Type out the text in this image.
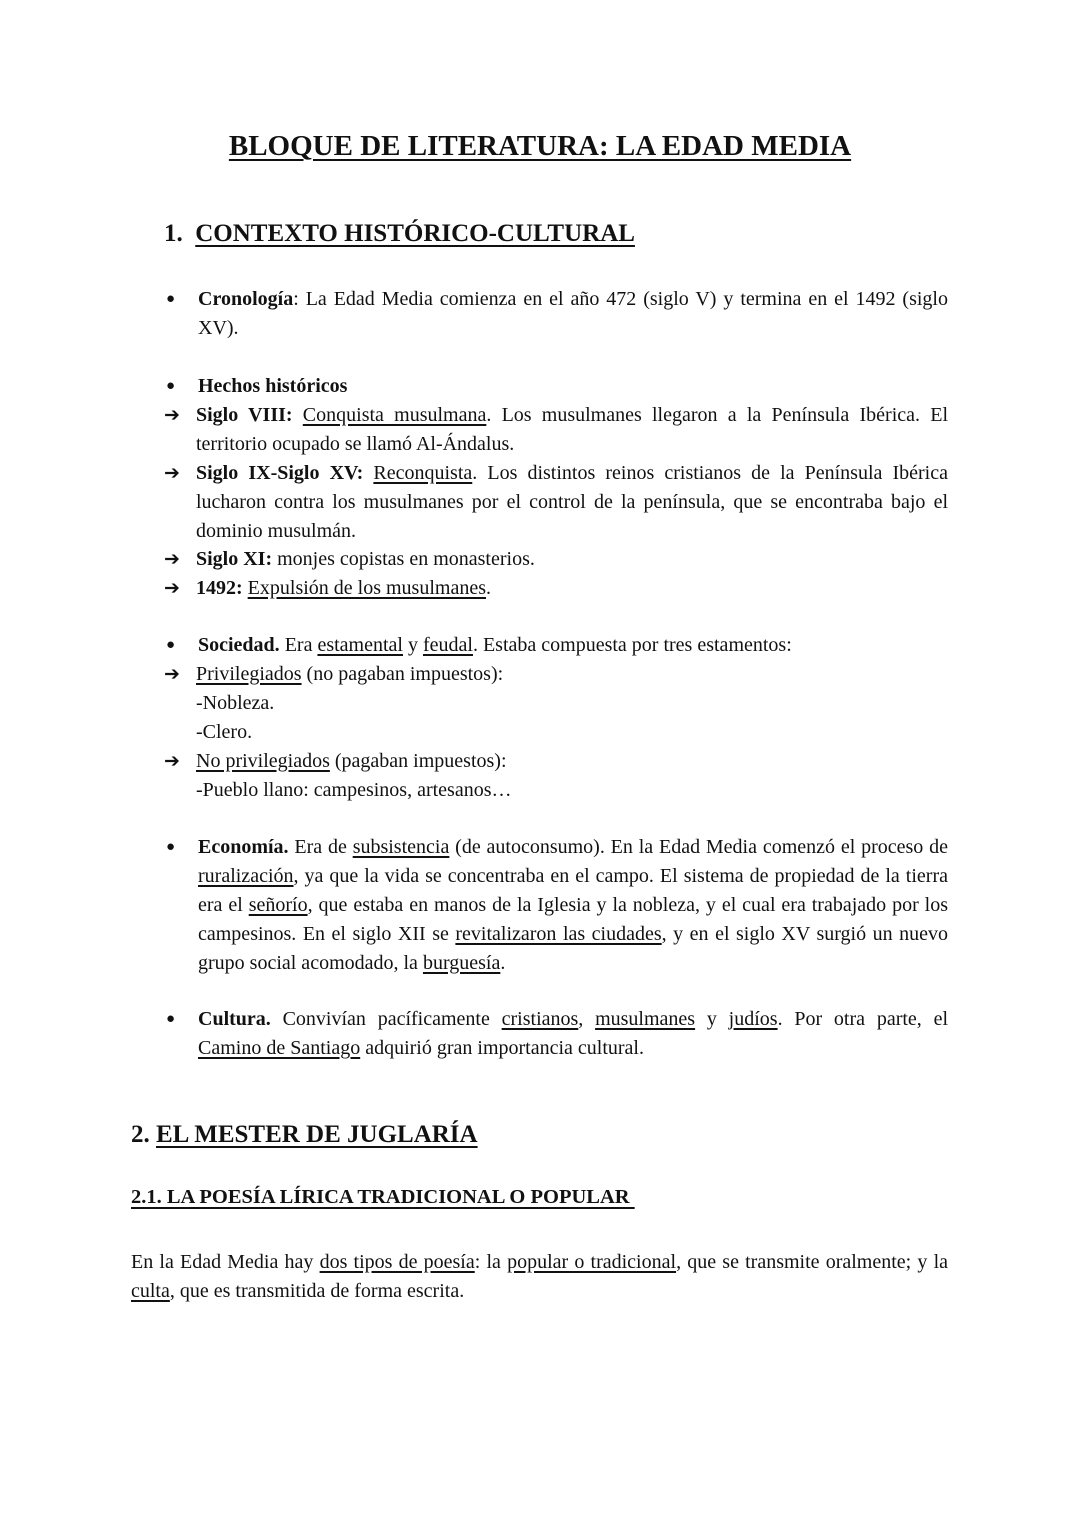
BLOQUE DE LITERATURA: LA EDAD MEDIA
1. CONTEXTO HISTÓRICO-CULTURAL
●	Cronología: La Edad Media comienza en el año 472 (siglo V) y termina en el 1492 (siglo XV).
●	Hechos históricos
➔ Siglo VIII: Conquista musulmana. Los musulmanes llegaron a la Península Ibérica. El territorio ocupado se llamó Al-Ándalus.
➔ Siglo IX-Siglo XV: Reconquista. Los distintos reinos cristianos de la Península Ibérica lucharon contra los musulmanes por el control de la península, que se encontraba bajo el dominio musulmán.
➔ Siglo XI: monjes copistas en monasterios.
➔ 1492: Expulsión de los musulmanes.
●	Sociedad. Era estamental y feudal. Estaba compuesta por tres estamentos:
➔ Privilegiados (no pagaban impuestos):
-Nobleza.
-Clero.
➔ No privilegiados (pagaban impuestos):
-Pueblo llano: campesinos, artesanos…
●	Economía. Era de subsistencia (de autoconsumo). En la Edad Media comenzó el proceso de ruralización, ya que la vida se concentraba en el campo. El sistema de propiedad de la tierra era el señorío, que estaba en manos de la Iglesia y la nobleza, y el cual era trabajado por los campesinos. En el siglo XII se revitalizaron las ciudades, y en el siglo XV surgió un nuevo grupo social acomodado, la burguesía.
●	Cultura. Convivían pacíficamente cristianos, musulmanes y judíos. Por otra parte, el Camino de Santiago adquirió gran importancia cultural.
2. EL MESTER DE JUGLARÍA
2.1. LA POESÍA LÍRICA TRADICIONAL O POPULAR
En la Edad Media hay dos tipos de poesía: la popular o tradicional, que se transmite oralmente; y la culta, que es transmitida de forma escrita.
